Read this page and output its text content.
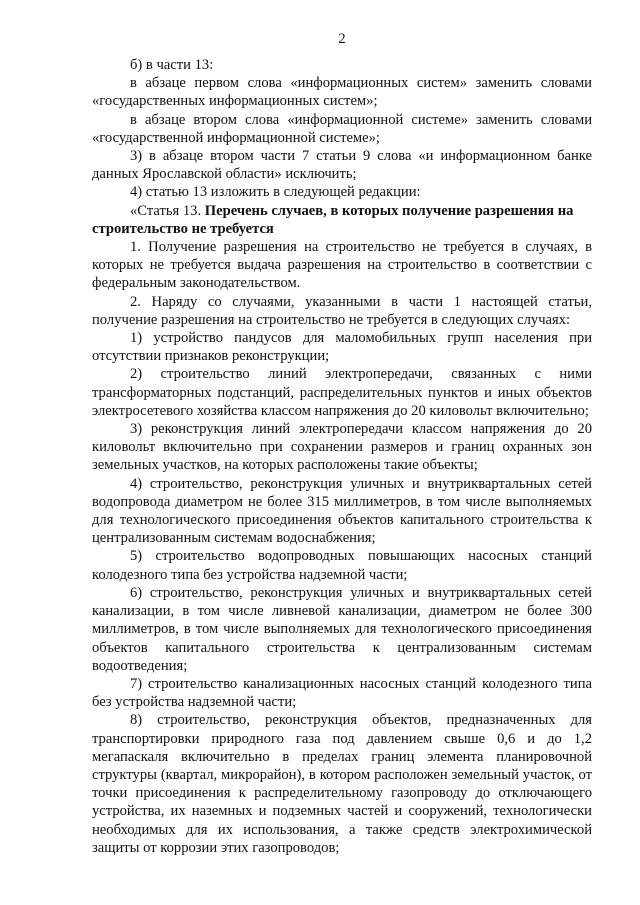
2

б) в части 13:

в абзаце первом слова «информационных систем» заменить словами «государственных информационных систем»;

в абзаце втором слова «информационной системе» заменить словами «государственной информационной системе»;

3) в абзаце втором части 7 статьи 9 слова «и информационном банке данных Ярославской области» исключить;

4) статью 13 изложить в следующей редакции:

«Статья 13. Перечень случаев, в которых получение разрешения на строительство не требуется

1. Получение разрешения на строительство не требуется в случаях, в которых не требуется выдача разрешения на строительство в соответствии с федеральным законодательством.

2. Наряду со случаями, указанными в части 1 настоящей статьи, получение разрешения на строительство не требуется в следующих случаях:

1) устройство пандусов для маломобильных групп населения при отсутствии признаков реконструкции;

2) строительство линий электропередачи, связанных с ними трансформаторных подстанций, распределительных пунктов и иных объектов электросетевого хозяйства классом напряжения до 20 киловольт включительно;

3) реконструкция линий электропередачи классом напряжения до 20 киловольт включительно при сохранении размеров и границ охранных зон земельных участков, на которых расположены такие объекты;

4) строительство, реконструкция уличных и внутриквартальных сетей водопровода диаметром не более 315 миллиметров, в том числе выполняемых для технологического присоединения объектов капитального строительства к централизованным системам водоснабжения;

5) строительство водопроводных повышающих насосных станций колодезного типа без устройства надземной части;

6) строительство, реконструкция уличных и внутриквартальных сетей канализации, в том числе ливневой канализации, диаметром не более 300 миллиметров, в том числе выполняемых для технологического присоединения объектов капитального строительства к централизованным системам водоотведения;

7) строительство канализационных насосных станций колодезного типа без устройства надземной части;

8) строительство, реконструкция объектов, предназначенных для транспортировки природного газа под давлением свыше 0,6 и до 1,2 мегапаскаля включительно в пределах границ элемента планировочной структуры (квартал, микрорайон), в котором расположен земельный участок, от точки присоединения к распределительному газопроводу до отключающего устройства, их наземных и подземных частей и сооружений, технологически необходимых для их использования, а также средств электрохимической защиты от коррозии этих газопроводов;
